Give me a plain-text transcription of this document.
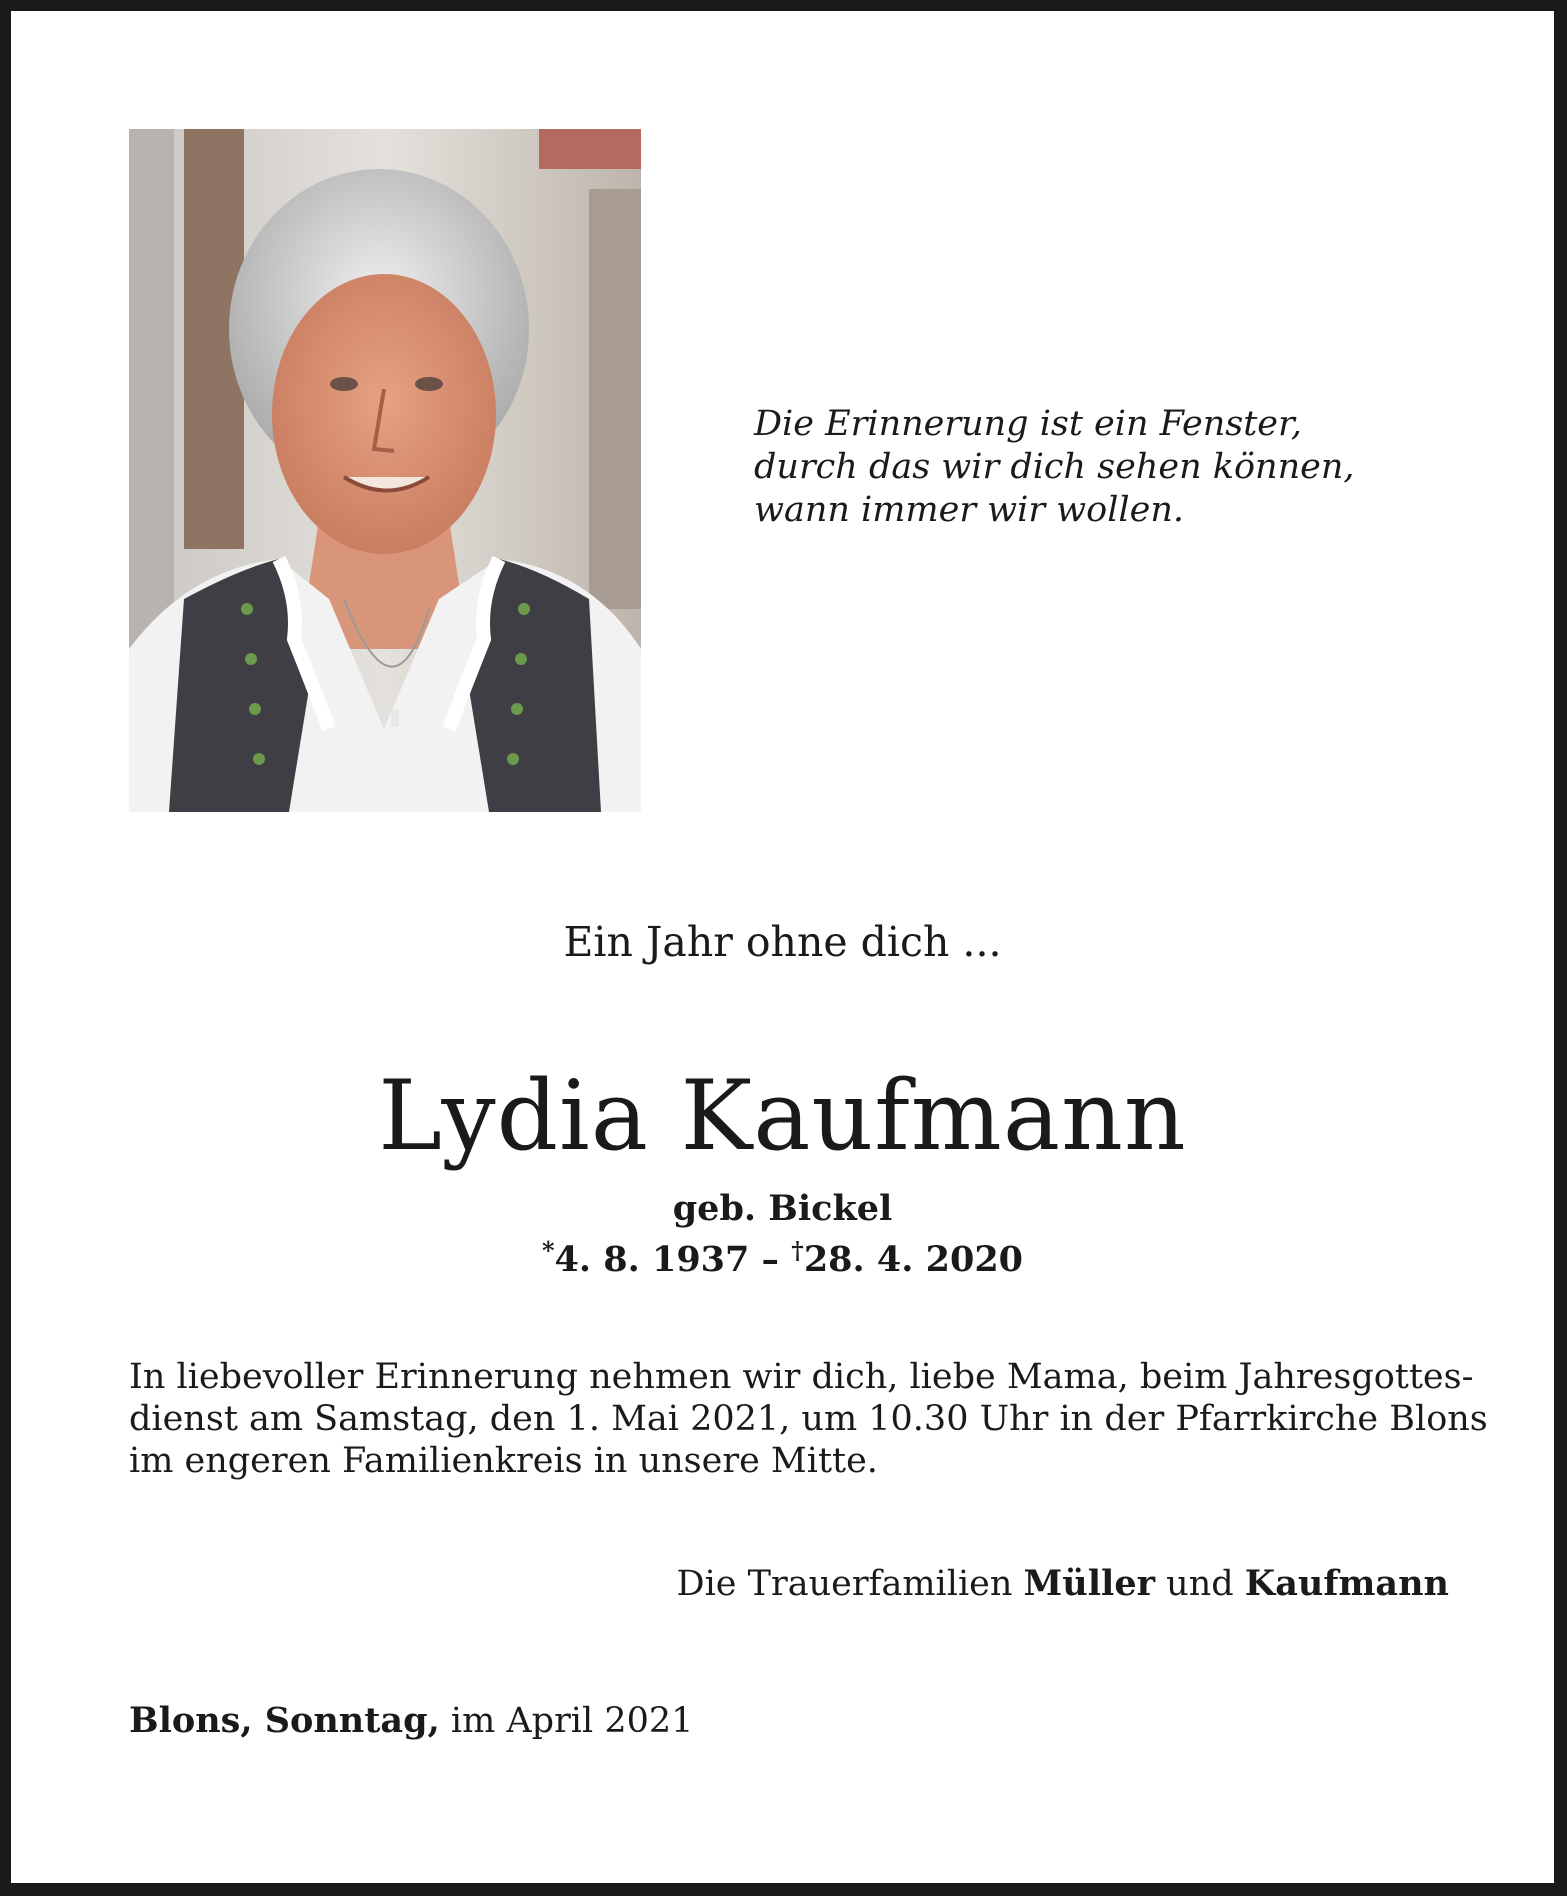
Die Erinnerung ist ein Fenster,
durch das wir dich sehen können,
wann immer wir wollen.
Ein Jahr ohne dich ...
Lydia Kaufmann
geb. Bickel
*4. 8. 1937 – †28. 4. 2020
In liebevoller Erinnerung nehmen wir dich, liebe Mama, beim Jahresgottes-
dienst am Samstag, den 1. Mai 2021, um 10.30 Uhr in der Pfarrkirche Blons
im engeren Familienkreis in unsere Mitte.
Die Trauerfamilien Müller und Kaufmann
Blons, Sonntag, im April 2021
